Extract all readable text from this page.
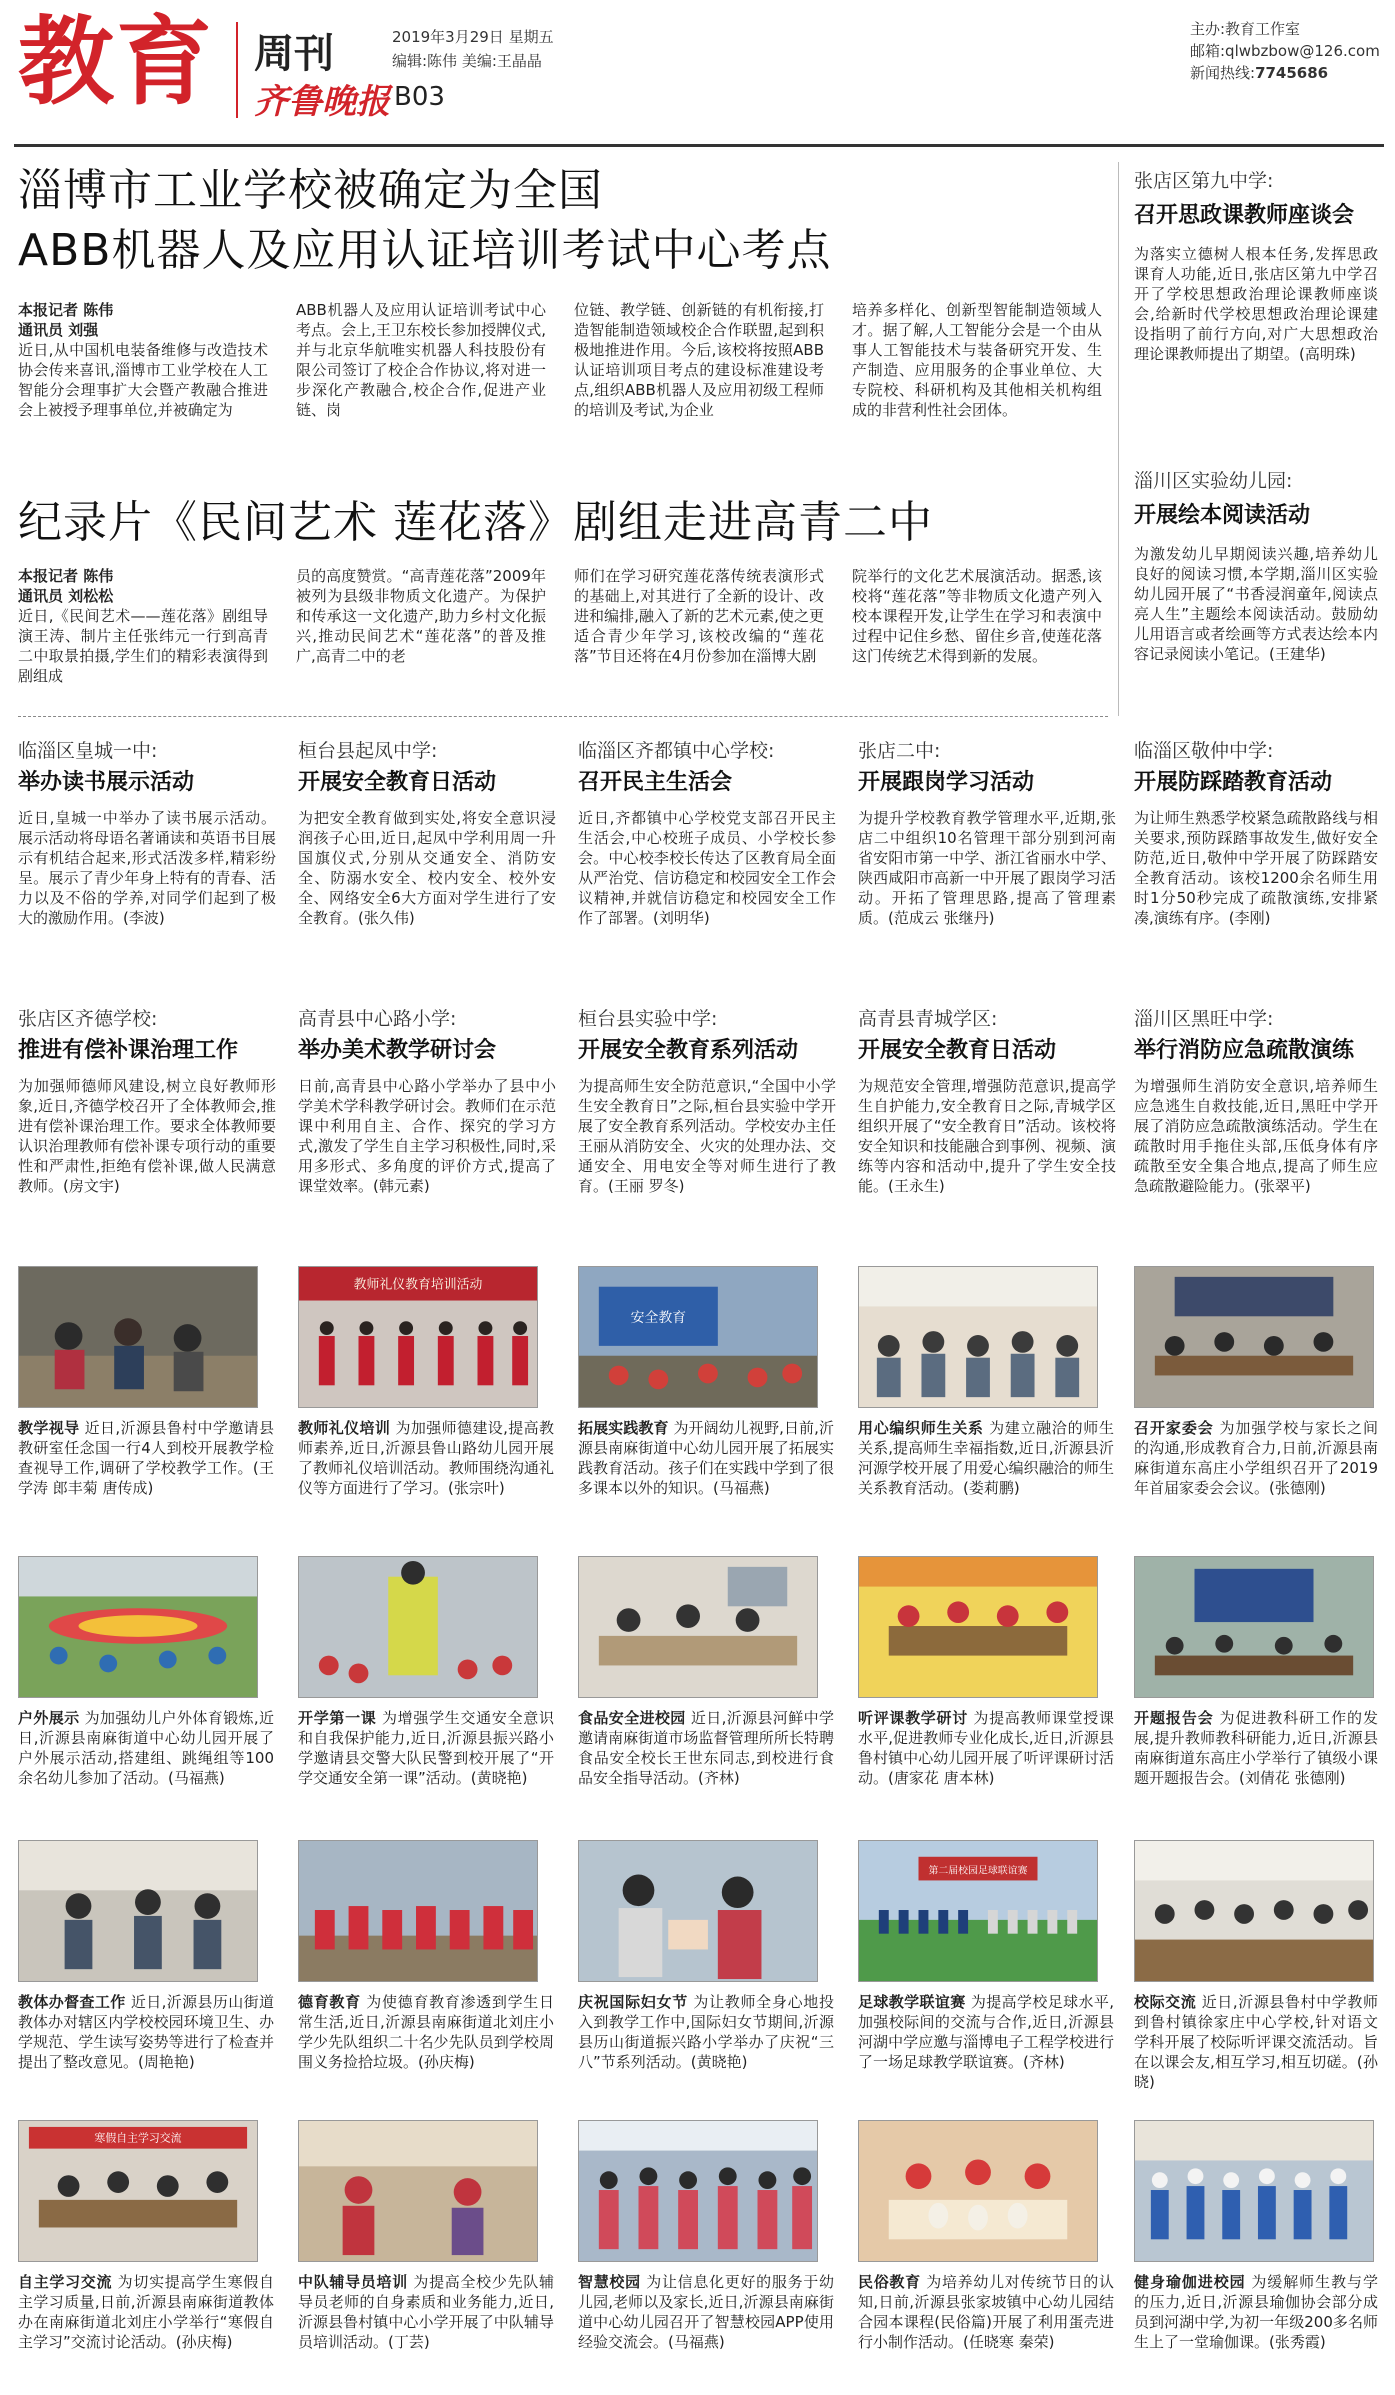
教育 周刊
齐鲁晚报 B03
2019年3月29日 星期五
编辑:陈伟 美编:王晶晶
主办:教育工作室
邮箱:qlwbzbow@126.com
新闻热线:7745686
淄博市工业学校被确定为全国
ABB机器人及应用认证培训考试中心考点
本报记者 陈伟
通讯员 刘强
近日,从中国机电装备维修与改造技术协会传来喜讯,淄博市工业学校在人工智能分会理事扩大会暨产教融合推进会上被授予理事单位,并被确定为
ABB机器人及应用认证培训考试中心考点。会上,王卫东校长参加授牌仪式,并与北京华航唯实机器人科技股份有限公司签订了校企合作协议,将对进一步深化产教融合,校企合作,促进产业链、岗
位链、教学链、创新链的有机衔接,打造智能制造领域校企合作联盟,起到积极地推进作用。今后,该校将按照ABB认证培训项目考点的建设标准建设考点,组织ABB机器人及应用初级工程师的培训及考试,为企业
培养多样化、创新型智能制造领域人才。据了解,人工智能分会是一个由从事人工智能技术与装备研究开发、生产制造、应用服务的企事业单位、大专院校、科研机构及其他相关机构组成的非营利性社会团体。
纪录片《民间艺术 莲花落》剧组走进高青二中
本报记者 陈伟
通讯员 刘松松
近日,《民间艺术——莲花落》剧组导演王涛、制片主任张纬元一行到高青二中取景拍摄,学生们的精彩表演得到剧组成
员的高度赞赏。“高青莲花落”2009年被列为县级非物质文化遗产。为保护和传承这一文化遗产,助力乡村文化振兴,推动民间艺术“莲花落”的普及推广,高青二中的老
师们在学习研究莲花落传统表演形式的基础上,对其进行了全新的设计、改进和编排,融入了新的艺术元素,使之更适合青少年学习,该校改编的“莲花落”节目还将在4月份参加在淄博大剧
院举行的文化艺术展演活动。据悉,该校将“莲花落”等非物质文化遗产列入校本课程开发,让学生在学习和表演中过程中记住乡愁、留住乡音,使莲花落这门传统艺术得到新的发展。
张店区第九中学:
召开思政课教师座谈会
为落实立德树人根本任务,发挥思政课育人功能,近日,张店区第九中学召开了学校思想政治理论课教师座谈会,给新时代学校思想政治理论课建设指明了前行方向,对广大思想政治理论课教师提出了期望。(高明珠)
淄川区实验幼儿园:
开展绘本阅读活动
为激发幼儿早期阅读兴趣,培养幼儿良好的阅读习惯,本学期,淄川区实验幼儿园开展了“书香浸润童年,阅读点亮人生”主题绘本阅读活动。鼓励幼儿用语言或者绘画等方式表达绘本内容记录阅读小笔记。(王建华)
临淄区皇城一中:
举办读书展示活动
近日,皇城一中举办了读书展示活动。展示活动将母语名著诵读和英语书目展示有机结合起来,形式活泼多样,精彩纷呈。展示了青少年身上特有的青春、活力以及不俗的学养,对同学们起到了极大的激励作用。(李波)
桓台县起凤中学:
开展安全教育日活动
为把安全教育做到实处,将安全意识浸润孩子心田,近日,起凤中学利用周一升国旗仪式,分别从交通安全、消防安全、防溺水安全、校内安全、校外安全、网络安全6大方面对学生进行了安全教育。(张久伟)
临淄区齐都镇中心学校:
召开民主生活会
近日,齐都镇中心学校党支部召开民主生活会,中心校班子成员、小学校长参会。中心校李校长传达了区教育局全面从严治党、信访稳定和校园安全工作会议精神,并就信访稳定和校园安全工作作了部署。(刘明华)
张店二中:
开展跟岗学习活动
为提升学校教育教学管理水平,近期,张店二中组织10名管理干部分别到河南省安阳市第一中学、浙江省丽水中学、陕西咸阳市高新一中开展了跟岗学习活动。开拓了管理思路,提高了管理素质。(范成云 张继丹)
临淄区敬仲中学:
开展防踩踏教育活动
为让师生熟悉学校紧急疏散路线与相关要求,预防踩踏事故发生,做好安全防范,近日,敬仲中学开展了防踩踏安全教育活动。该校1200余名师生用时1分50秒完成了疏散演练,安排紧凑,演练有序。(李刚)
张店区齐德学校:
推进有偿补课治理工作
为加强师德师风建设,树立良好教师形象,近日,齐德学校召开了全体教师会,推进有偿补课治理工作。要求全体教师要认识治理教师有偿补课专项行动的重要性和严肃性,拒绝有偿补课,做人民满意教师。(房文宇)
高青县中心路小学:
举办美术教学研讨会
日前,高青县中心路小学举办了县中小学美术学科教学研讨会。教师们在示范课中利用自主、合作、探究的学习方式,激发了学生自主学习积极性,同时,采用多形式、多角度的评价方式,提高了课堂效率。(韩元素)
桓台县实验中学:
开展安全教育系列活动
为提高师生安全防范意识,“全国中小学生安全教育日”之际,桓台县实验中学开展了安全教育系列活动。学校安办主任王丽从消防安全、火灾的处理办法、交通安全、用电安全等对师生进行了教育。(王丽 罗冬)
高青县青城学区:
开展安全教育日活动
为规范安全管理,增强防范意识,提高学生自护能力,安全教育日之际,青城学区组织开展了“安全教育日”活动。该校将安全知识和技能融合到事例、视频、演练等内容和活动中,提升了学生安全技能。(王永生)
淄川区黑旺中学:
举行消防应急疏散演练
为增强师生消防安全意识,培养师生应急逃生自救技能,近日,黑旺中学开展了消防应急疏散演练活动。学生在疏散时用手拖住头部,压低身体有序疏散至安全集合地点,提高了师生应急疏散避险能力。(张翠平)
教师礼仪教育培训活动
安全教育
教学视导 近日,沂源县鲁村中学邀请县教研室任念国一行4人到校开展教学检查视导工作,调研了学校教学工作。(王学涛 郎丰菊 唐传成)
教师礼仪培训 为加强师德建设,提高教师素养,近日,沂源县鲁山路幼儿园开展了教师礼仪培训活动。教师围绕沟通礼仪等方面进行了学习。(张宗叶)
拓展实践教育 为开阔幼儿视野,日前,沂源县南麻街道中心幼儿园开展了拓展实践教育活动。孩子们在实践中学到了很多课本以外的知识。(马福燕)
用心编织师生关系 为建立融洽的师生关系,提高师生幸福指数,近日,沂源县沂河源学校开展了用爱心编织融洽的师生关系教育活动。(娄莉鹏)
召开家委会 为加强学校与家长之间的沟通,形成教育合力,日前,沂源县南麻街道东高庄小学组织召开了2019年首届家委会会议。(张德刚)
户外展示 为加强幼儿户外体育锻炼,近日,沂源县南麻街道中心幼儿园开展了户外展示活动,搭建组、跳绳组等100余名幼儿参加了活动。(马福燕)
开学第一课 为增强学生交通安全意识和自我保护能力,近日,沂源县振兴路小学邀请县交警大队民警到校开展了“开学交通安全第一课”活动。(黄晓艳)
食品安全进校园 近日,沂源县河鲜中学邀请南麻街道市场监督管理所所长特聘食品安全校长王世东同志,到校进行食品安全指导活动。(齐林)
听评课教学研讨 为提高教师课堂授课水平,促进教师专业化成长,近日,沂源县鲁村镇中心幼儿园开展了听评课研讨活动。(唐家花 唐本林)
开题报告会 为促进教科研工作的发展,提升教师教科研能力,近日,沂源县南麻街道东高庄小学举行了镇级小课题开题报告会。(刘倩花 张德刚)
第二届校园足球联谊赛
教体办督查工作 近日,沂源县历山街道教体办对辖区内学校校园环境卫生、办学规范、学生读写姿势等进行了检查并提出了整改意见。(周艳艳)
德育教育 为使德育教育渗透到学生日常生活,近日,沂源县南麻街道北刘庄小学少先队组织二十名少先队员到学校周围义务捡拾垃圾。(孙庆梅)
庆祝国际妇女节 为让教师全身心地投入到教学工作中,国际妇女节期间,沂源县历山街道振兴路小学举办了庆祝“三八”节系列活动。(黄晓艳)
足球教学联谊赛 为提高学校足球水平,加强校际间的交流与合作,近日,沂源县河湖中学应邀与淄博电子工程学校进行了一场足球教学联谊赛。(齐林)
校际交流 近日,沂源县鲁村中学教师到鲁村镇徐家庄中心学校,针对语文学科开展了校际听评课交流活动。旨在以课会友,相互学习,相互切磋。(孙晓)
寒假自主学习交流
自主学习交流 为切实提高学生寒假自主学习质量,日前,沂源县南麻街道教体办在南麻街道北刘庄小学举行“寒假自主学习”交流讨论活动。(孙庆梅)
中队辅导员培训 为提高全校少先队辅导员老师的自身素质和业务能力,近日,沂源县鲁村镇中心小学开展了中队辅导员培训活动。(丁芸)
智慧校园 为让信息化更好的服务于幼儿园,老师以及家长,近日,沂源县南麻街道中心幼儿园召开了智慧校园APP使用经验交流会。(马福燕)
民俗教育 为培养幼儿对传统节日的认知,日前,沂源县张家坡镇中心幼儿园结合园本课程(民俗篇)开展了利用蛋壳进行小制作活动。(任晓寒 秦荣)
健身瑜伽进校园 为缓解师生教与学的压力,近日,沂源县瑜伽协会部分成员到河湖中学,为初一年级200多名师生上了一堂瑜伽课。(张秀霞)
